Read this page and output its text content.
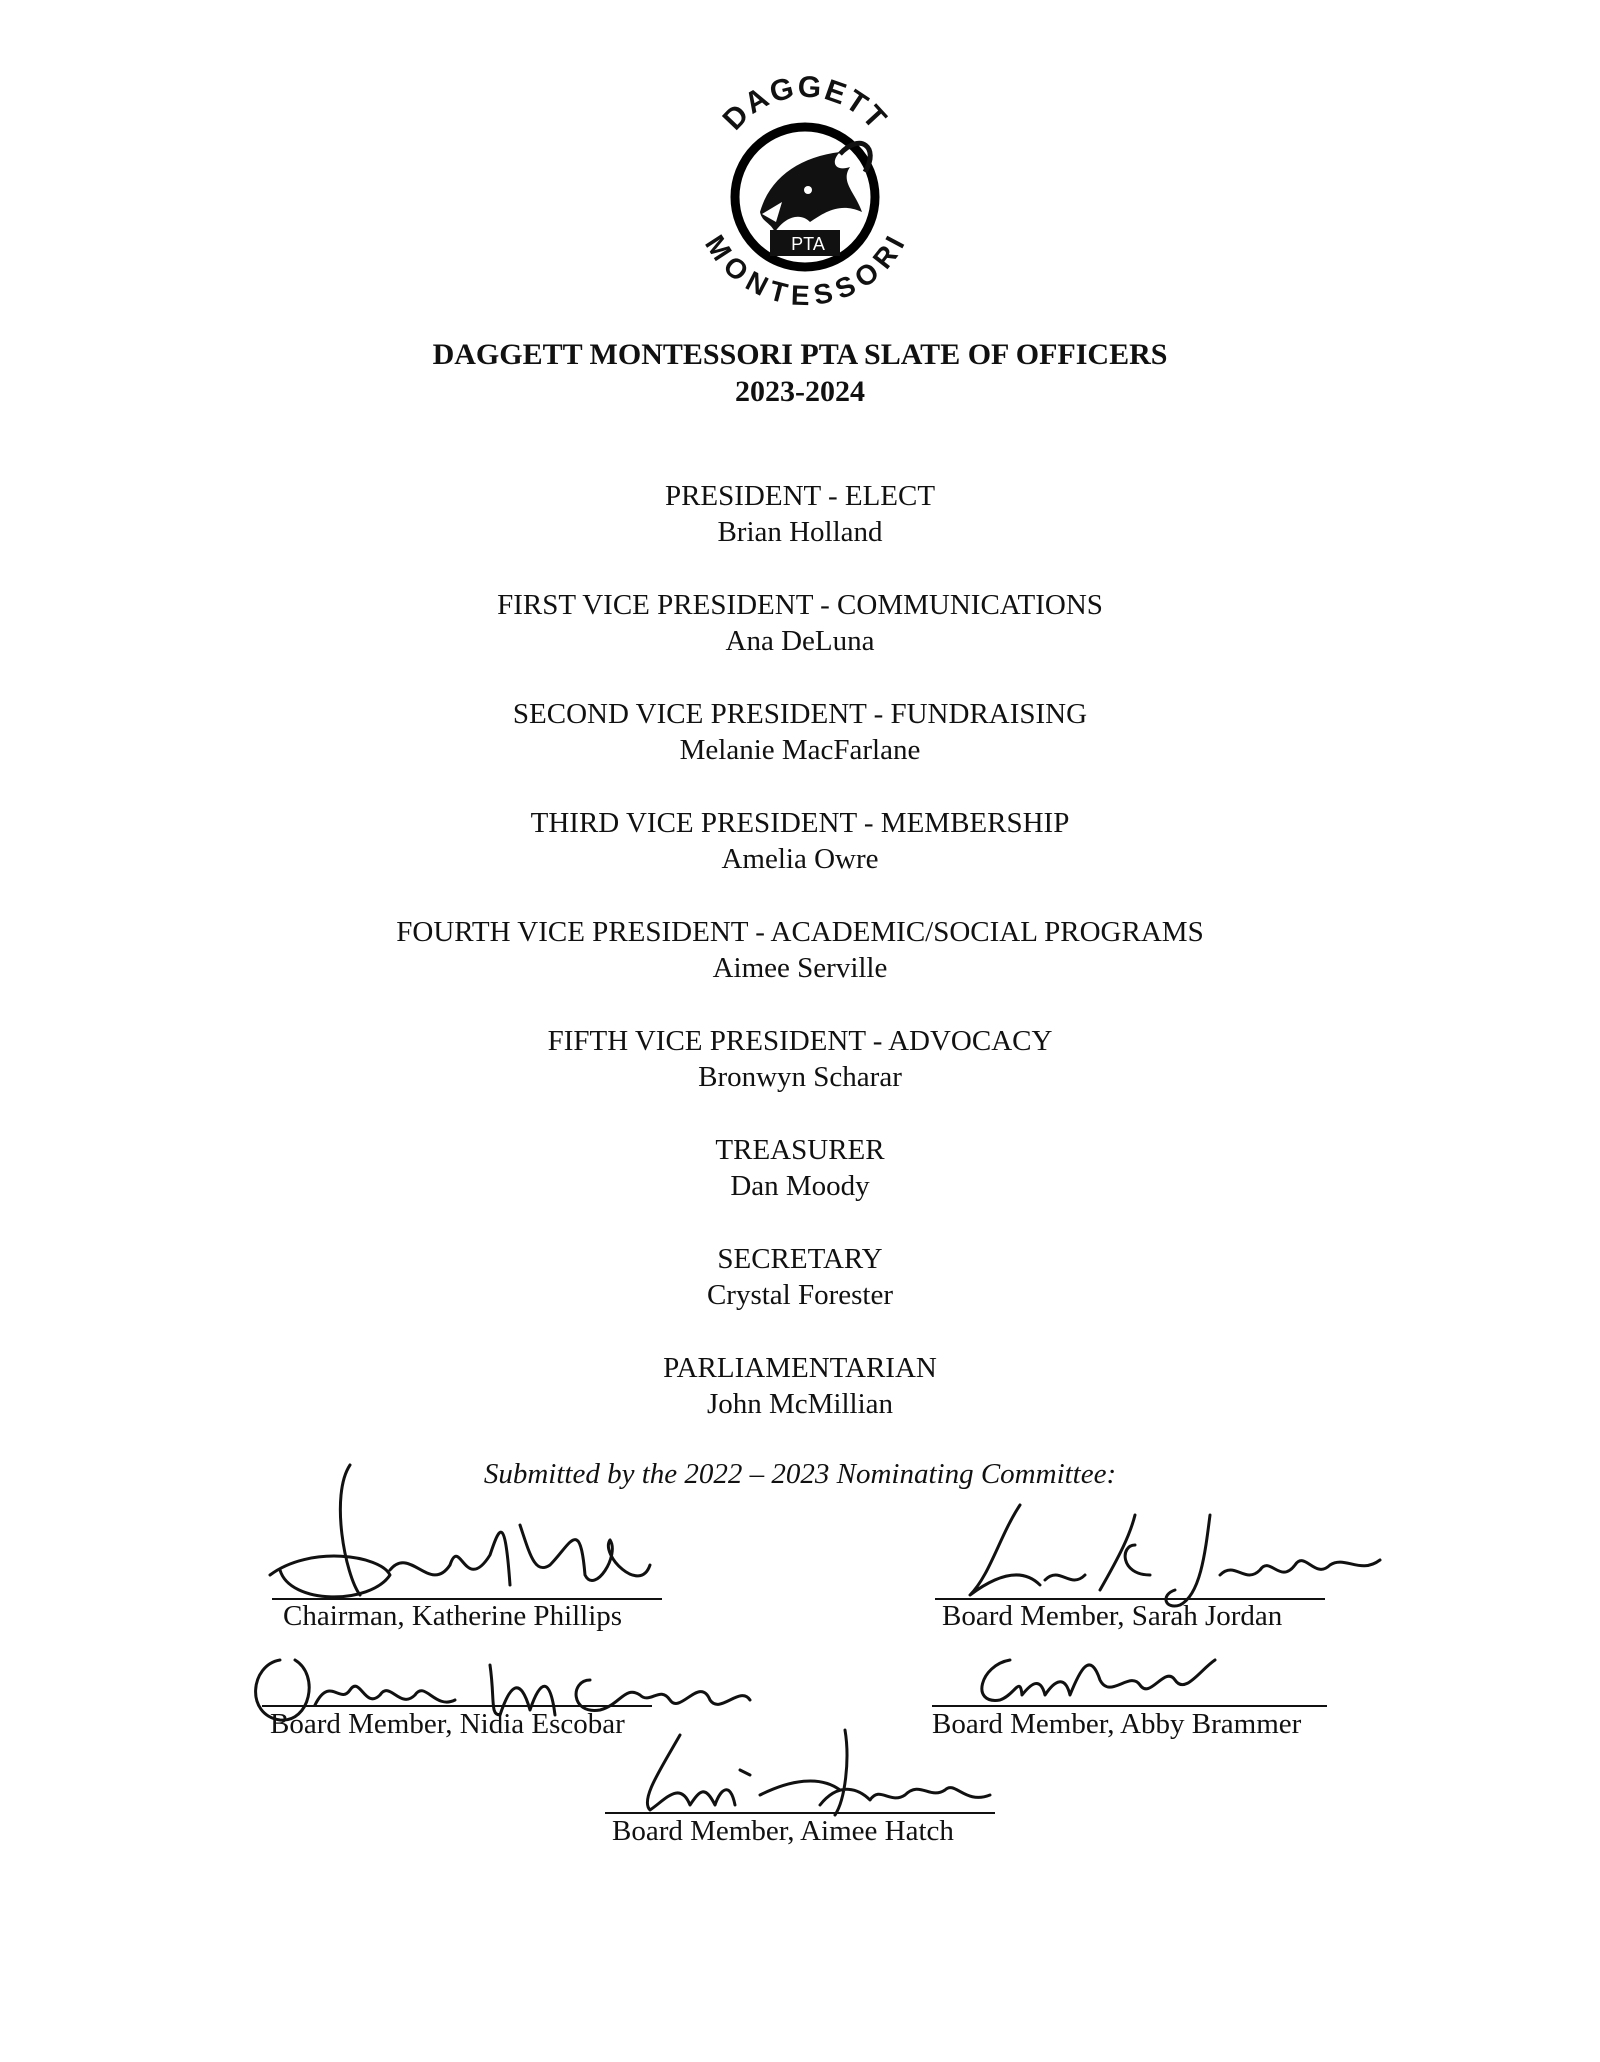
PTA
DAGGETT
MONTESSORI
DAGGETT MONTESSORI PTA SLATE OF OFFICERS
2023-2024
PRESIDENT - ELECT
Brian Holland
FIRST VICE PRESIDENT - COMMUNICATIONS
Ana DeLuna
SECOND VICE PRESIDENT - FUNDRAISING
Melanie MacFarlane
THIRD VICE PRESIDENT - MEMBERSHIP
Amelia Owre
FOURTH VICE PRESIDENT - ACADEMIC/SOCIAL PROGRAMS
Aimee Serville
FIFTH VICE PRESIDENT - ADVOCACY
Bronwyn Scharar
TREASURER
Dan Moody
SECRETARY
Crystal Forester
PARLIAMENTARIAN
John McMillian
Submitted by the 2022 – 2023 Nominating Committee:
Chairman, Katherine Phillips	Board Member, Sarah Jordan
Board Member, Nidia Escobar	Board Member, Abby Brammer
Board Member, Aimee Hatch
